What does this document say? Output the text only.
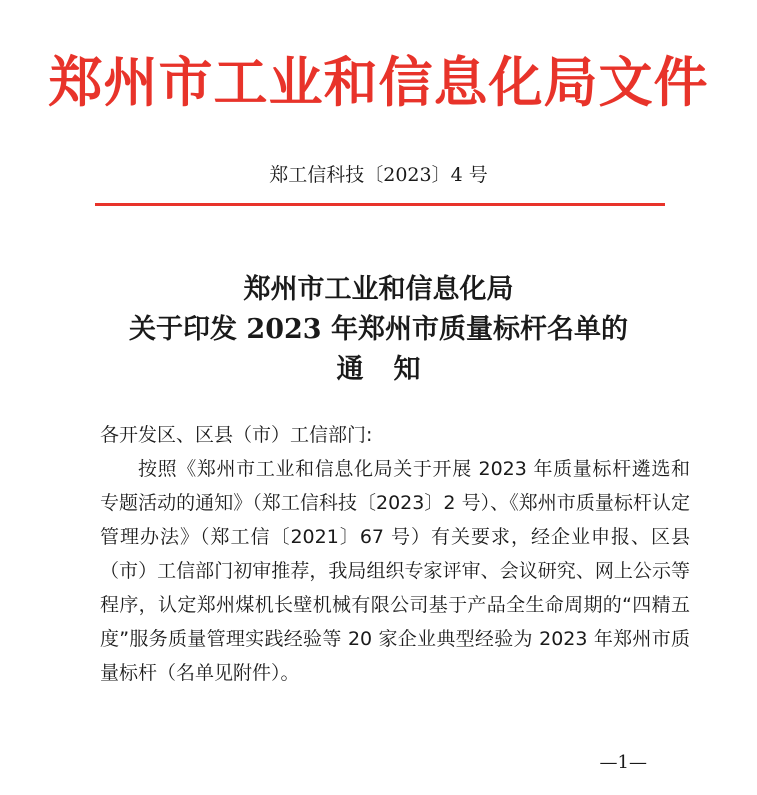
郑州市工业和信息化局文件
郑工信科技〔2023〕4 号
郑州市工业和信息化局
关于印发 2023 年郑州市质量标杆名单的
通知
各开发区、区县（市）工信部门:
按照《郑州市工业和信息化局关于开展 2023 年质量标杆遴选和专题活动的通知》（郑工信科技〔2023〕2 号）、《郑州市质量标杆认定管理办法》（郑工信〔2021〕67 号）有关要求，经企业申报、区县（市）工信部门初审推荐，我局组织专家评审、会议研究、网上公示等程序，认定郑州煤机长壁机械有限公司基于产品全生命周期的“四精五度”服务质量管理实践经验等 20 家企业典型经验为 2023 年郑州市质量标杆（名单见附件）。
—1—
